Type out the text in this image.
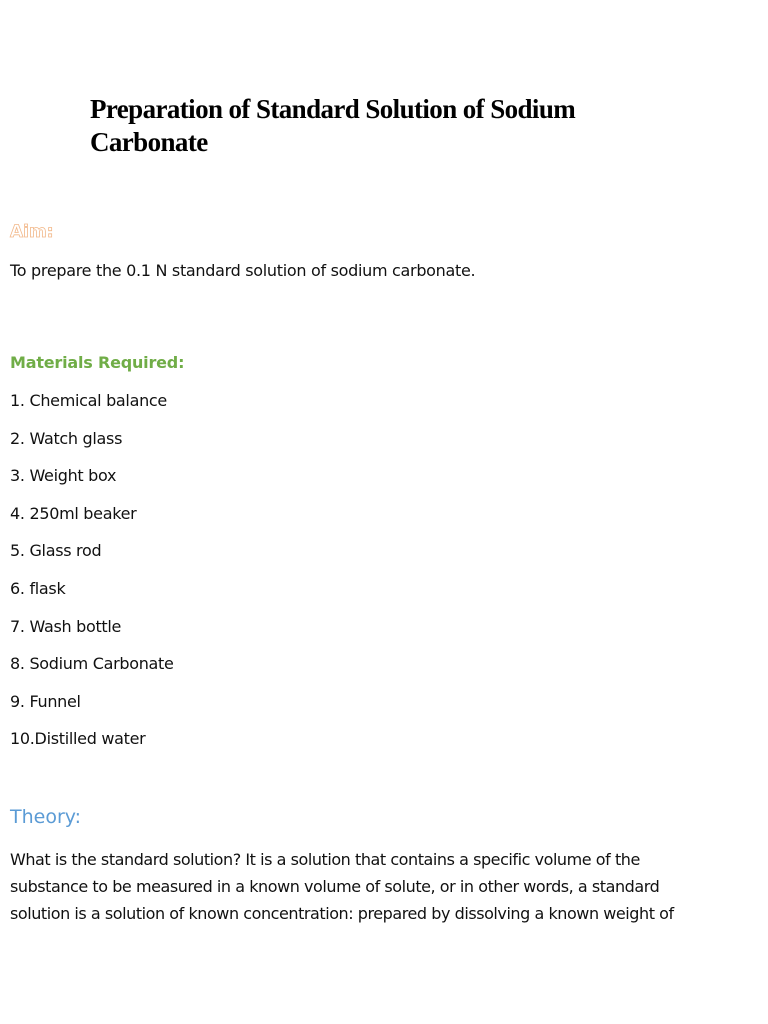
Preparation of Standard Solution of Sodium Carbonate
Aim:

To prepare the 0.1 N standard solution of sodium carbonate.

Materials Required:
1. Chemical balance
2. Watch glass
3. Weight box
4. 250ml beaker
5. Glass rod
6. flask
7. Wash bottle
8. Sodium Carbonate
9. Funnel
10.Distilled water
Theory:

What is the standard solution? It is a solution that contains a specific volume of the
substance to be measured in a known volume of solute, or in other words, a standard
solution is a solution of known concentration: prepared by dissolving a known weight of
